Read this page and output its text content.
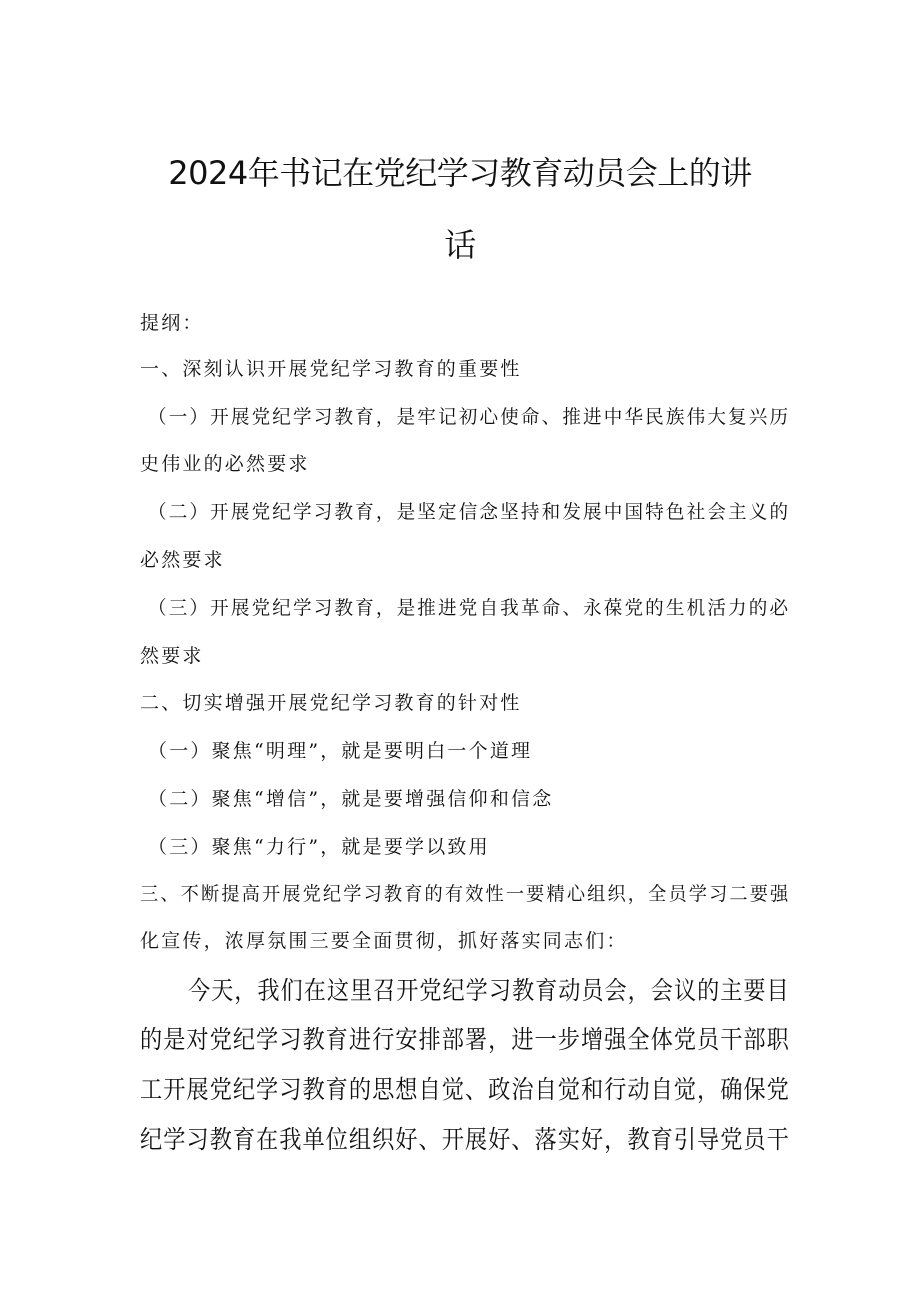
2024年书记在党纪学习教育动员会上的讲
话
提纲：
一、深刻认识开展党纪学习教育的重要性
（一）开展党纪学习教育，是牢记初心使命、推进中华民族伟大复兴历
史伟业的必然要求
（二）开展党纪学习教育，是坚定信念坚持和发展中国特色社会主义的
必然要求
（三）开展党纪学习教育，是推进党自我革命、永葆党的生机活力的必
然要求
二、切实增强开展党纪学习教育的针对性
（一）聚焦“明理”，就是要明白一个道理
（二）聚焦“增信”，就是要增强信仰和信念
（三）聚焦“力行”，就是要学以致用
三、不断提高开展党纪学习教育的有效性一要精心组织，全员学习二要强
化宣传，浓厚氛围三要全面贯彻，抓好落实同志们：
今天，我们在这里召开党纪学习教育动员会，会议的主要目
的是对党纪学习教育进行安排部署，进一步增强全体党员干部职
工开展党纪学习教育的思想自觉、政治自觉和行动自觉，确保党
纪学习教育在我单位组织好、开展好、落实好，教育引导党员干
